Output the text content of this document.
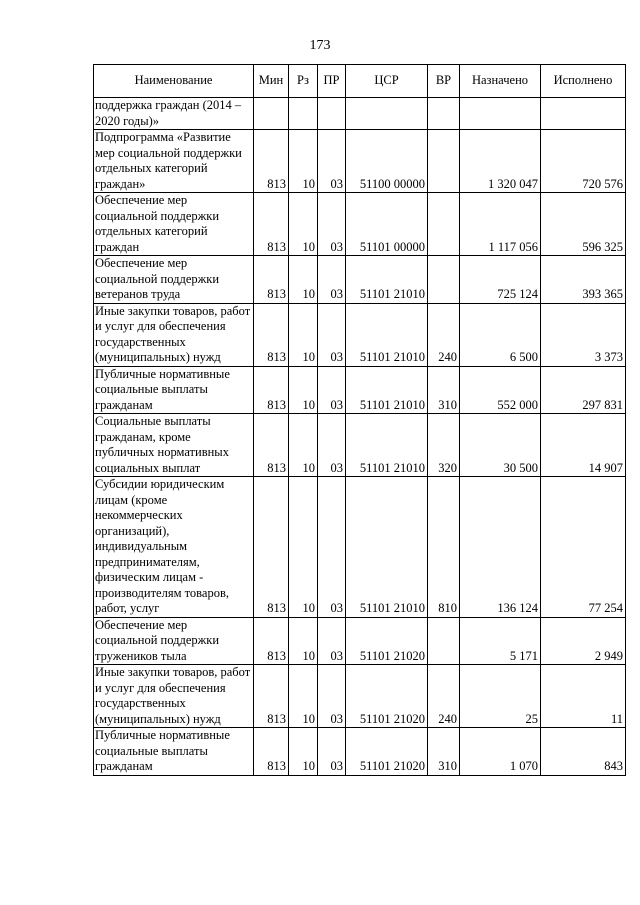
173
Наименование	Мин	Рз	ПР	ЦСР	ВР	Назначено	Исполнено
поддержка граждан (2014 – 2020 годы)»							
Подпрограмма «Развитие мер социальной поддержки отдельных категорий граждан»	813	10	03	51100 00000		1 320 047	720 576
Обеспечение мер социальной поддержки отдельных категорий граждан	813	10	03	51101 00000		1 117 056	596 325
Обеспечение мер социальной поддержки ветеранов труда	813	10	03	51101 21010		725 124	393 365
Иные закупки товаров, работ и услуг для обеспечения государственных (муниципальных) нужд	813	10	03	51101 21010	240	6 500	3 373
Публичные нормативные социальные выплаты гражданам	813	10	03	51101 21010	310	552 000	297 831
Социальные выплаты гражданам, кроме публичных нормативных социальных выплат	813	10	03	51101 21010	320	30 500	14 907
Субсидии юридическим лицам (кроме некоммерческих организаций), индивидуальным предпринимателям, физическим лицам - производителям товаров, работ, услуг	813	10	03	51101 21010	810	136 124	77 254
Обеспечение мер социальной поддержки тружеников тыла	813	10	03	51101 21020		5 171	2 949
Иные закупки товаров, работ и услуг для обеспечения государственных (муниципальных) нужд	813	10	03	51101 21020	240	25	11
Публичные нормативные социальные выплаты гражданам	813	10	03	51101 21020	310	1 070	843
